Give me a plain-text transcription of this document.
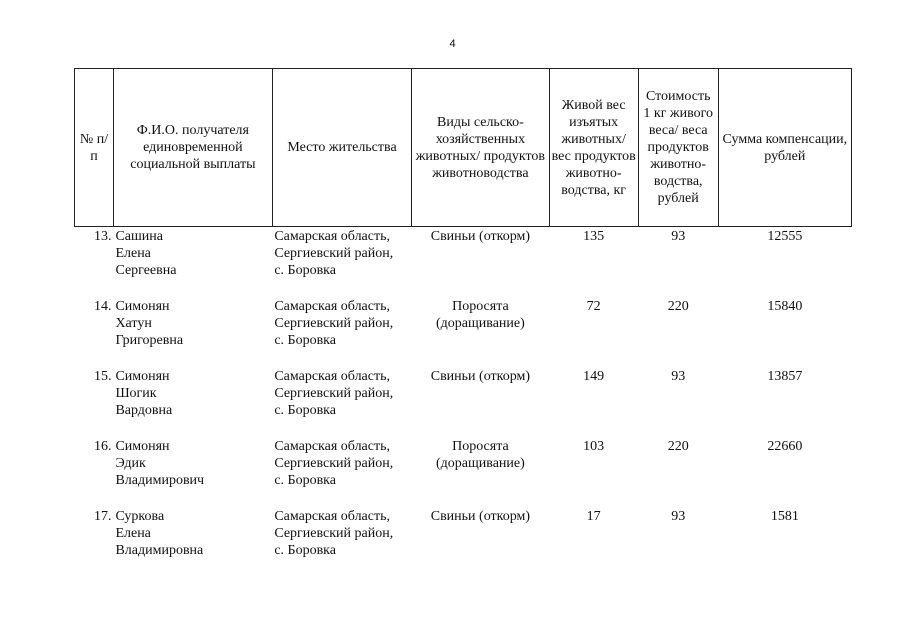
4
№ п/п	Ф.И.О. получателя единовременной социальной выплаты	Место жительства	Виды сельско-хозяйственных животных/ продуктов животноводства	Живой вес изъятых животных/ вес продуктов животно-водства, кг	Стоимость 1 кг живого веса/ веса продуктов животно-водства, рублей	Сумма компенсации, рублей
13.	Сашина
Елена
Сергеевна	Самарская область,
Сергиевский район,
с. Боровка	Свиньи (откорм)	135	93	12555
14.	Симонян
Хатун
Григоревна	Самарская область,
Сергиевский район,
с. Боровка	Поросята
(доращивание)	72	220	15840
15.	Симонян
Шогик
Вардовна	Самарская область,
Сергиевский район,
с. Боровка	Свиньи (откорм)	149	93	13857
16.	Симонян
Эдик
Владимирович	Самарская область,
Сергиевский район,
с. Боровка	Поросята
(доращивание)	103	220	22660
17.	Суркова
Елена
Владимировна	Самарская область,
Сергиевский район,
с. Боровка	Свиньи (откорм)	17	93	1581
